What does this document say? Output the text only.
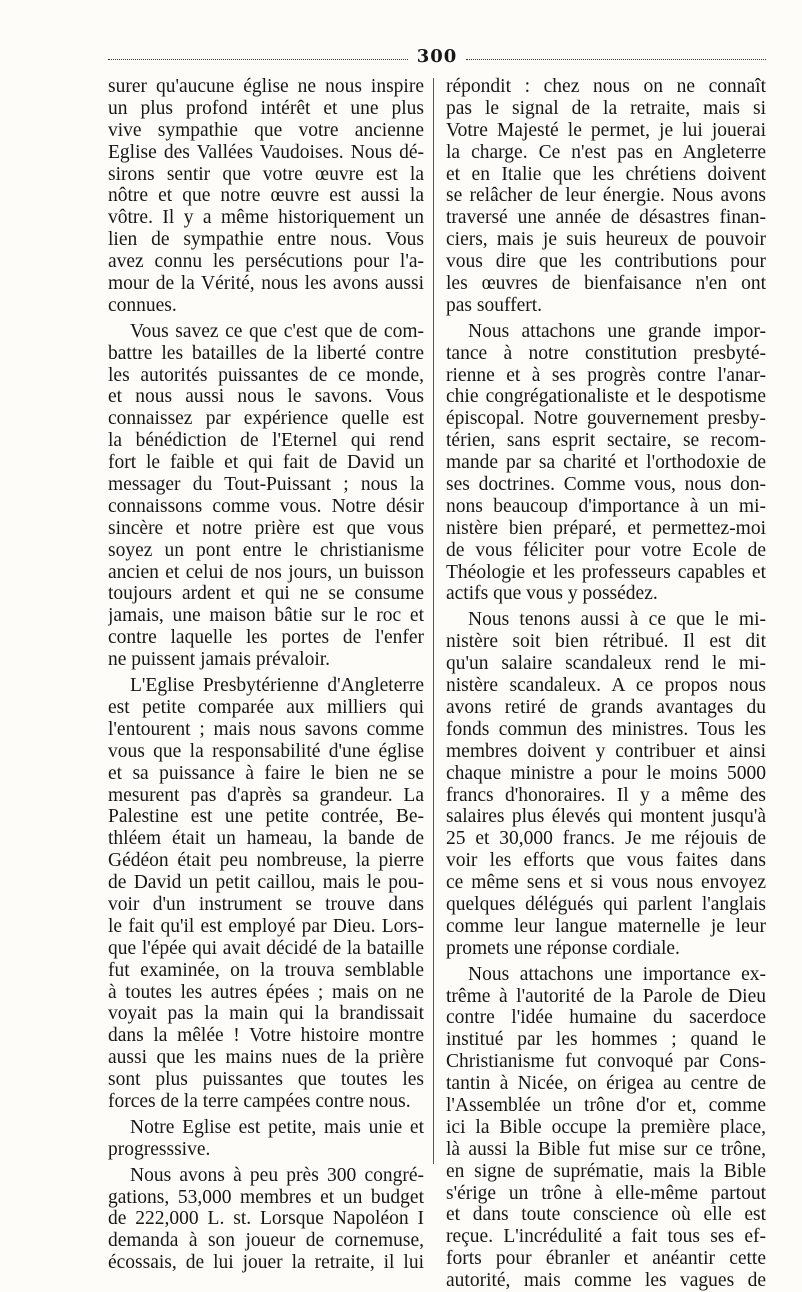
300
surer qu'aucune église ne nous inspire
un plus profond intérêt et une plus
vive sympathie que votre ancienne
Eglise des Vallées Vaudoises. Nous dé-
sirons sentir que votre œuvre est la
nôtre et que notre œuvre est aussi la
vôtre. Il y a même historiquement un
lien de sympathie entre nous. Vous
avez connu les persécutions pour l'a-
mour de la Vérité, nous les avons aussi
connues.
Vous savez ce que c'est que de com-
battre les batailles de la liberté contre
les autorités puissantes de ce monde,
et nous aussi nous le savons. Vous
connaissez par expérience quelle est
la bénédiction de l'Eternel qui rend
fort le faible et qui fait de David un
messager du Tout-Puissant ; nous la
connaissons comme vous. Notre désir
sincère et notre prière est que vous
soyez un pont entre le christianisme
ancien et celui de nos jours, un buisson
toujours ardent et qui ne se consume
jamais, une maison bâtie sur le roc et
contre laquelle les portes de l'enfer
ne puissent jamais prévaloir.
L'Eglise Presbytérienne d'Angleterre
est petite comparée aux milliers qui
l'entourent ; mais nous savons comme
vous que la responsabilité d'une église
et sa puissance à faire le bien ne se
mesurent pas d'après sa grandeur. La
Palestine est une petite contrée, Be-
thléem était un hameau, la bande de
Gédéon était peu nombreuse, la pierre
de David un petit caillou, mais le pou-
voir d'un instrument se trouve dans
le fait qu'il est employé par Dieu. Lors-
que l'épée qui avait décidé de la bataille
fut examinée, on la trouva semblable
à toutes les autres épées ; mais on ne
voyait pas la main qui la brandissait
dans la mêlée ! Votre histoire montre
aussi que les mains nues de la prière
sont plus puissantes que toutes les
forces de la terre campées contre nous.
Notre Eglise est petite, mais unie et
progresssive.
Nous avons à peu près 300 congré-
gations, 53,000 membres et un budget
de 222,000 L. st. Lorsque Napoléon I
demanda à son joueur de cornemuse,
écossais, de lui jouer la retraite, il lui
répondit : chez nous on ne connaît
pas le signal de la retraite, mais si
Votre Majesté le permet, je lui jouerai
la charge. Ce n'est pas en Angleterre
et en Italie que les chrétiens doivent
se relâcher de leur énergie. Nous avons
traversé une année de désastres finan-
ciers, mais je suis heureux de pouvoir
vous dire que les contributions pour
les œuvres de bienfaisance n'en ont
pas souffert.
Nous attachons une grande impor-
tance à notre constitution presbyté-
rienne et à ses progrès contre l'anar-
chie congrégationaliste et le despotisme
épiscopal. Notre gouvernement presby-
térien, sans esprit sectaire, se recom-
mande par sa charité et l'orthodoxie de
ses doctrines. Comme vous, nous don-
nons beaucoup d'importance à un mi-
nistère bien préparé, et permettez-moi
de vous féliciter pour votre Ecole de
Théologie et les professeurs capables et
actifs que vous y possédez.
Nous tenons aussi à ce que le mi-
nistère soit bien rétribué. Il est dit
qu'un salaire scandaleux rend le mi-
nistère scandaleux. A ce propos nous
avons retiré de grands avantages du
fonds commun des ministres. Tous les
membres doivent y contribuer et ainsi
chaque ministre a pour le moins 5000
francs d'honoraires. Il y a même des
salaires plus élevés qui montent jusqu'à
25 et 30,000 francs. Je me réjouis de
voir les efforts que vous faites dans
ce même sens et si vous nous envoyez
quelques délégués qui parlent l'anglais
comme leur langue maternelle je leur
promets une réponse cordiale.
Nous attachons une importance ex-
trême à l'autorité de la Parole de Dieu
contre l'idée humaine du sacerdoce
institué par les hommes ; quand le
Christianisme fut convoqué par Cons-
tantin à Nicée, on érigea au centre de
l'Assemblée un trône d'or et, comme
ici la Bible occupe la première place,
là aussi la Bible fut mise sur ce trône,
en signe de suprématie, mais la Bible
s'érige un trône à elle-même partout
et dans toute conscience où elle est
reçue. L'incrédulité a fait tous ses ef-
forts pour ébranler et anéantir cette
autorité, mais comme les vagues de
